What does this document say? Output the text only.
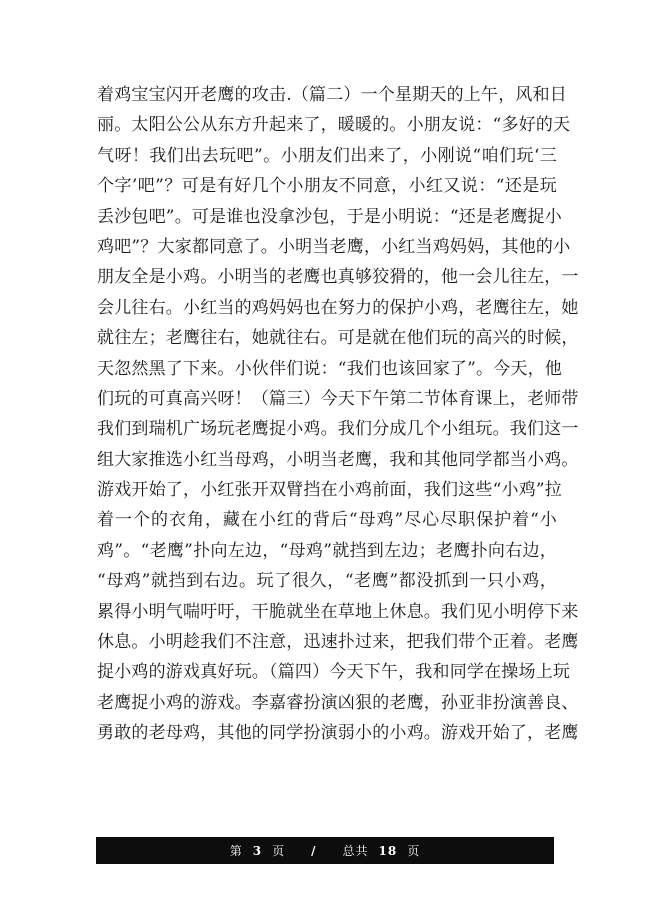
着鸡宝宝闪开老鹰的攻击.（篇二）一个星期天的上午，风和日
丽。太阳公公从东方升起来了，暖暖的。小朋友说：“多好的天
气呀！我们出去玩吧”。小朋友们出来了，小刚说“咱们玩‘三
个字’吧”？可是有好几个小朋友不同意，小红又说：“还是玩
丢沙包吧”。可是谁也没拿沙包，于是小明说：“还是老鹰捉小
鸡吧”？大家都同意了。小明当老鹰，小红当鸡妈妈，其他的小
朋友全是小鸡。小明当的老鹰也真够狡猾的，他一会儿往左，一
会儿往右。小红当的鸡妈妈也在努力的保护小鸡，老鹰往左，她
就往左；老鹰往右，她就往右。可是就在他们玩的高兴的时候，
天忽然黑了下来。小伙伴们说：“我们也该回家了”。今天，他
们玩的可真高兴呀！（篇三）今天下午第二节体育课上，老师带
我们到瑞机广场玩老鹰捉小鸡。我们分成几个小组玩。我们这一
组大家推选小红当母鸡，小明当老鹰，我和其他同学都当小鸡。
游戏开始了，小红张开双臂挡在小鸡前面，我们这些“小鸡”拉
着一个的衣角，藏在小红的背后“母鸡”尽心尽职保护着“小
鸡”。“老鹰”扑向左边，“母鸡”就挡到左边；老鹰扑向右边，
“母鸡”就挡到右边。玩了很久，“老鹰”都没抓到一只小鸡，
累得小明气喘吁吁，干脆就坐在草地上休息。我们见小明停下来
休息。小明趁我们不注意，迅速扑过来，把我们带个正着。老鹰
捉小鸡的游戏真好玩。（篇四）今天下午，我和同学在操场上玩
老鹰捉小鸡的游戏。李嘉睿扮演凶狠的老鹰，孙亚非扮演善良、
勇敢的老母鸡，其他的同学扮演弱小的小鸡。游戏开始了，老鹰
第 3 页 / 总共 18 页
